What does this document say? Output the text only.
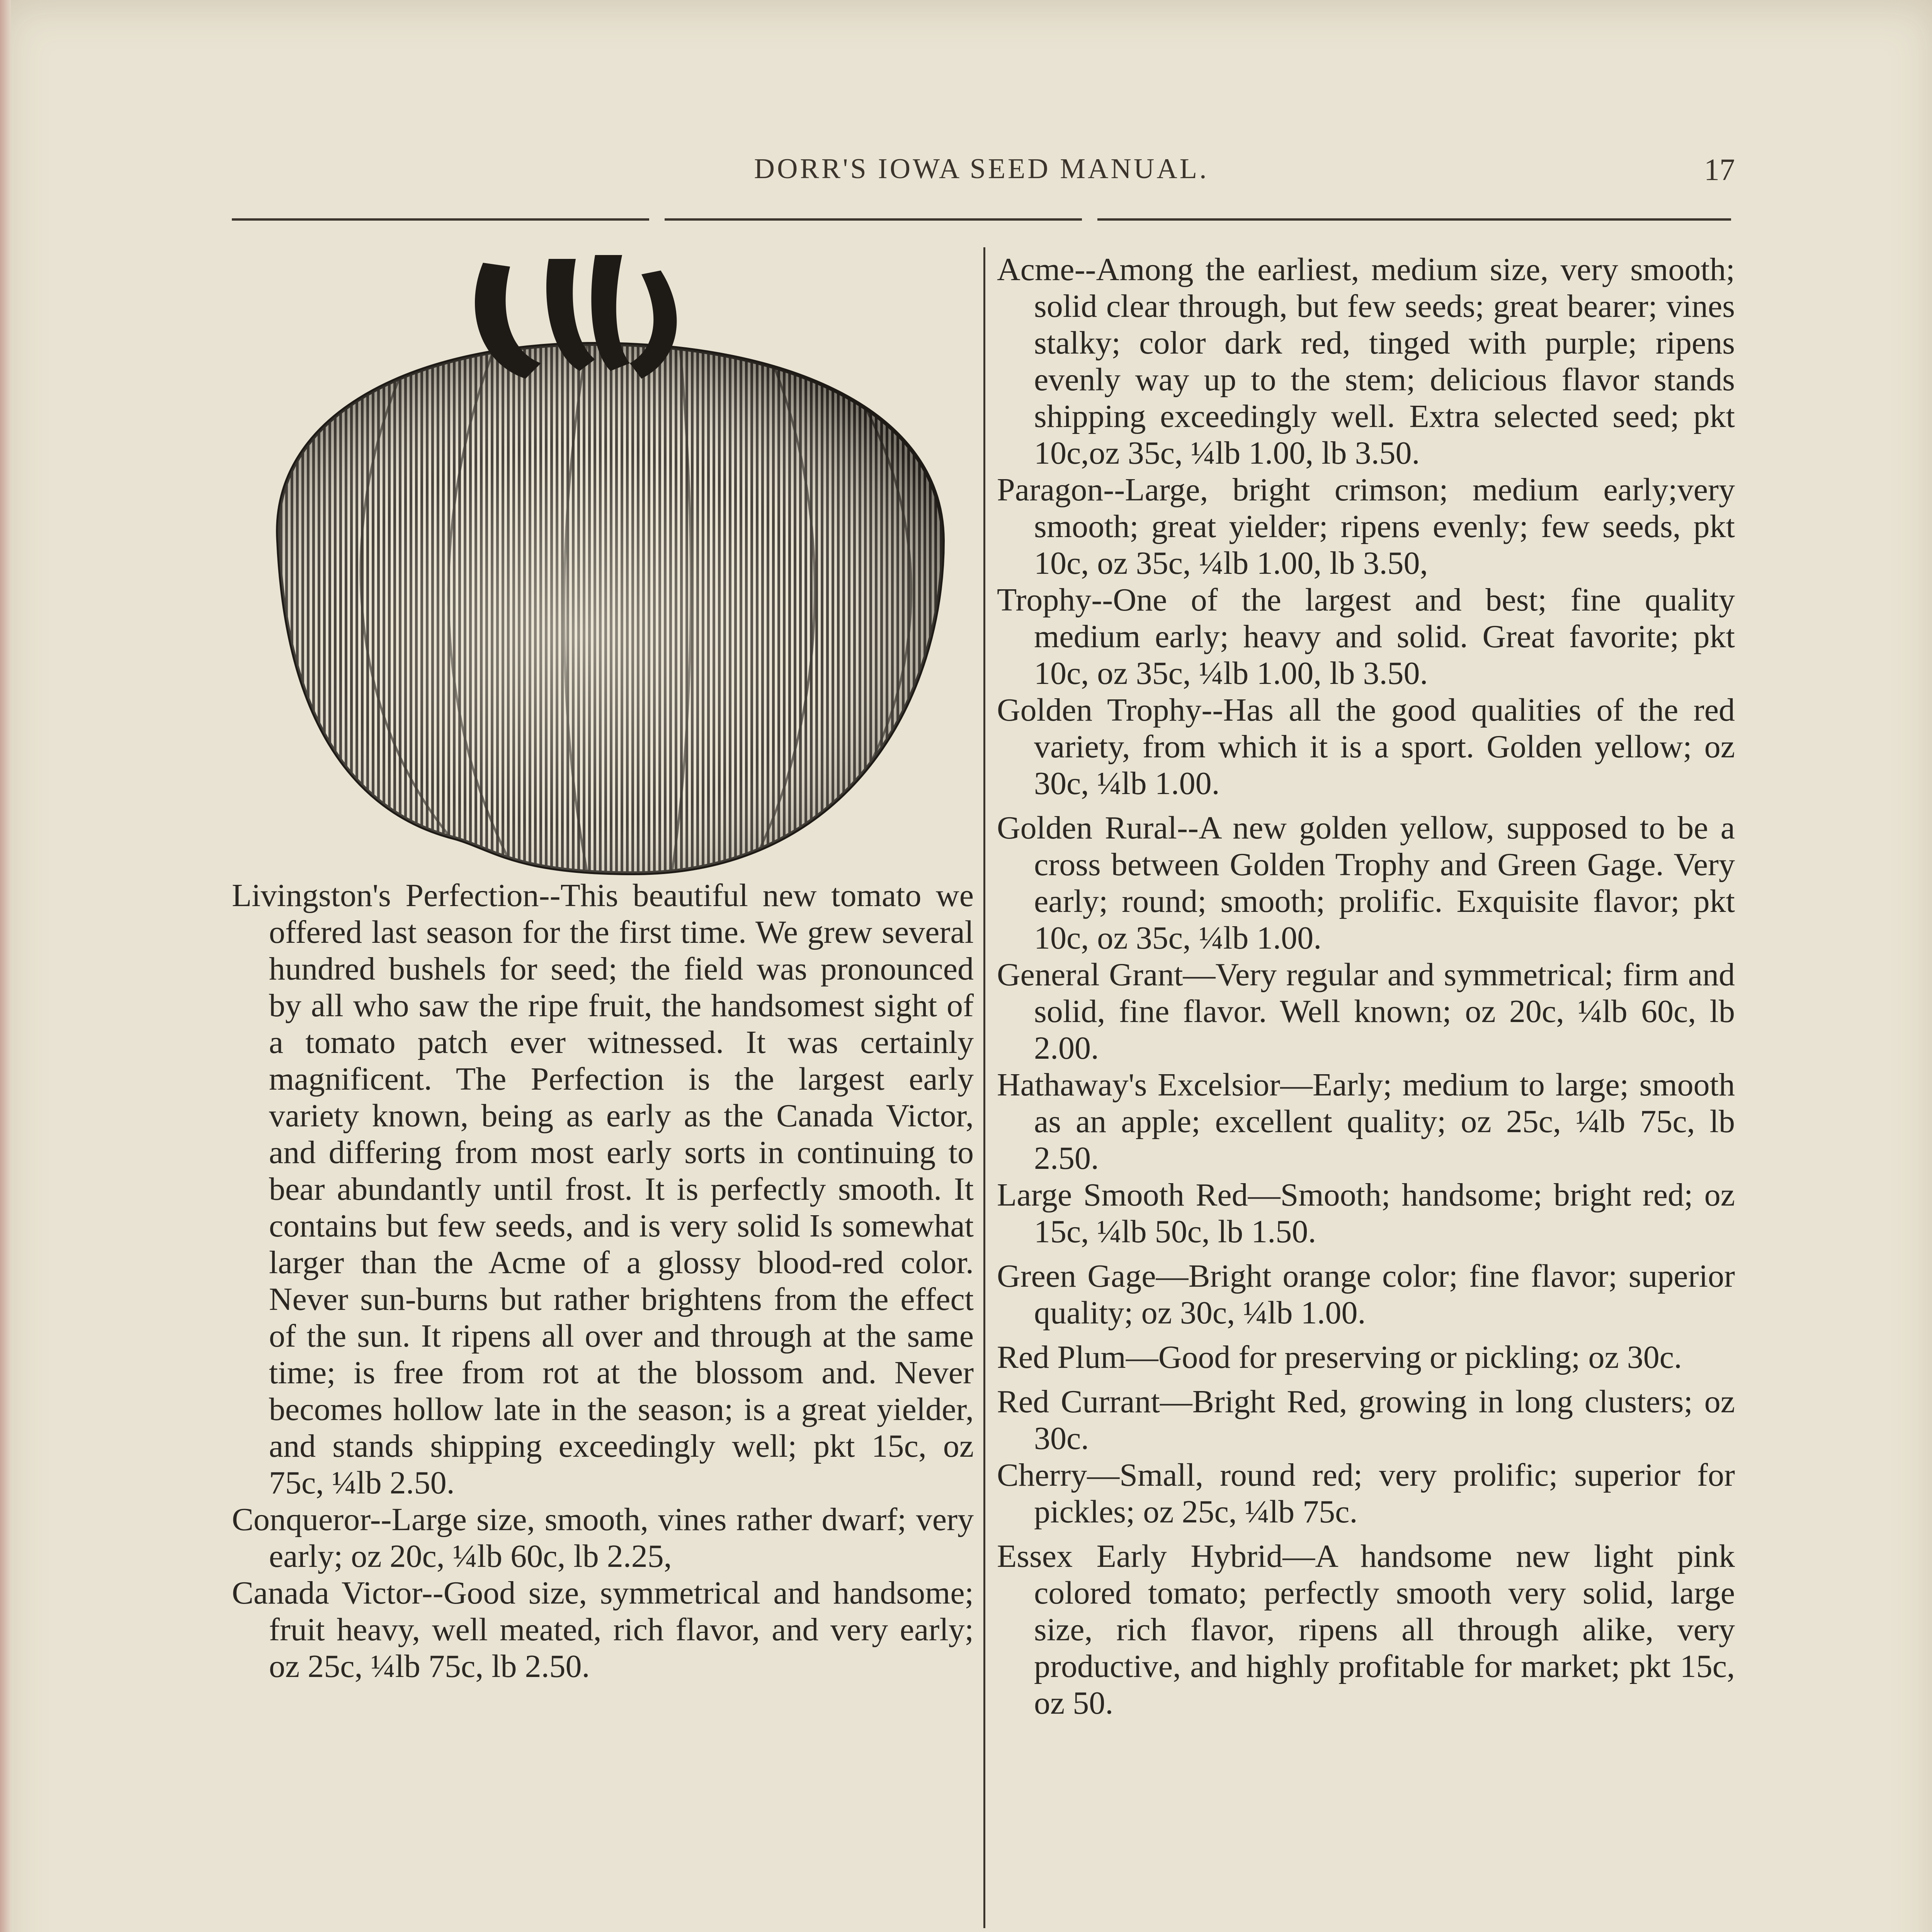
DORR'S IOWA SEED MANUAL.	17

Livingston's Perfection--This beautiful new tomato we offered last season for the first time. We grew several hundred bushels for seed; the field was pronounced by all who saw the ripe fruit, the handsomest sight of a tomato patch ever witnessed. It was certainly magnificent. The Perfection is the largest early variety known, being as early as the Canada Victor, and differing from most early sorts in continuing to bear abundantly until frost. It is perfectly smooth. It contains but few seeds, and is very solid Is somewhat larger than the Acme of a glossy blood-red color. Never sun-burns but rather brightens from the effect of the sun. It ripens all over and through at the same time; is free from rot at the blossom and. Never becomes hollow late in the season; is a great yielder, and stands shipping exceedingly well; pkt 15c, oz 75c, ¼lb 2.50.

Conqueror--Large size, smooth, vines rather dwarf; very early; oz 20c, ¼lb 60c, lb 2.25,

Canada Victor--Good size, symmetrical and handsome; fruit heavy, well meated, rich flavor, and very early; oz 25c, ¼lb 75c, lb 2.50.

Acme--Among the earliest, medium size, very smooth; solid clear through, but few seeds; great bearer; vines stalky; color dark red, tinged with purple; ripens evenly way up to the stem; delicious flavor stands shipping exceedingly well. Extra selected seed; pkt 10c,oz 35c, ¼lb 1.00, lb 3.50.

Paragon--Large, bright crimson; medium early;very smooth; great yielder; ripens evenly; few seeds, pkt 10c, oz 35c, ¼lb 1.00, lb 3.50,

Trophy--One of the largest and best; fine quality medium early; heavy and solid. Great favorite; pkt 10c, oz 35c, ¼lb 1.00, lb 3.50.

Golden Trophy--Has all the good qualities of the red variety, from which it is a sport. Golden yellow; oz 30c, ¼lb 1.00.

Golden Rural--A new golden yellow, supposed to be a cross between Golden Trophy and Green Gage. Very early; round; smooth; prolific. Exquisite flavor; pkt 10c, oz 35c, ¼lb 1.00.

General Grant—Very regular and symmetrical; firm and solid, fine flavor. Well known; oz 20c, ¼lb 60c, lb 2.00.

Hathaway's Excelsior—Early; medium to large; smooth as an apple; excellent quality; oz 25c, ¼lb 75c, lb 2.50.

Large Smooth Red—Smooth; handsome; bright red; oz 15c, ¼lb 50c, lb 1.50.

Green Gage—Bright orange color; fine flavor; superior quality; oz 30c, ¼lb 1.00.

Red Plum—Good for preserving or pickling; oz 30c.

Red Currant—Bright Red, growing in long clusters; oz 30c.

Cherry—Small, round red; very prolific; superior for pickles; oz 25c, ¼lb 75c.

Essex Early Hybrid—A handsome new light pink colored tomato; perfectly smooth very solid, large size, rich flavor, ripens all through alike, very productive, and highly profitable for market; pkt 15c, oz 50.
